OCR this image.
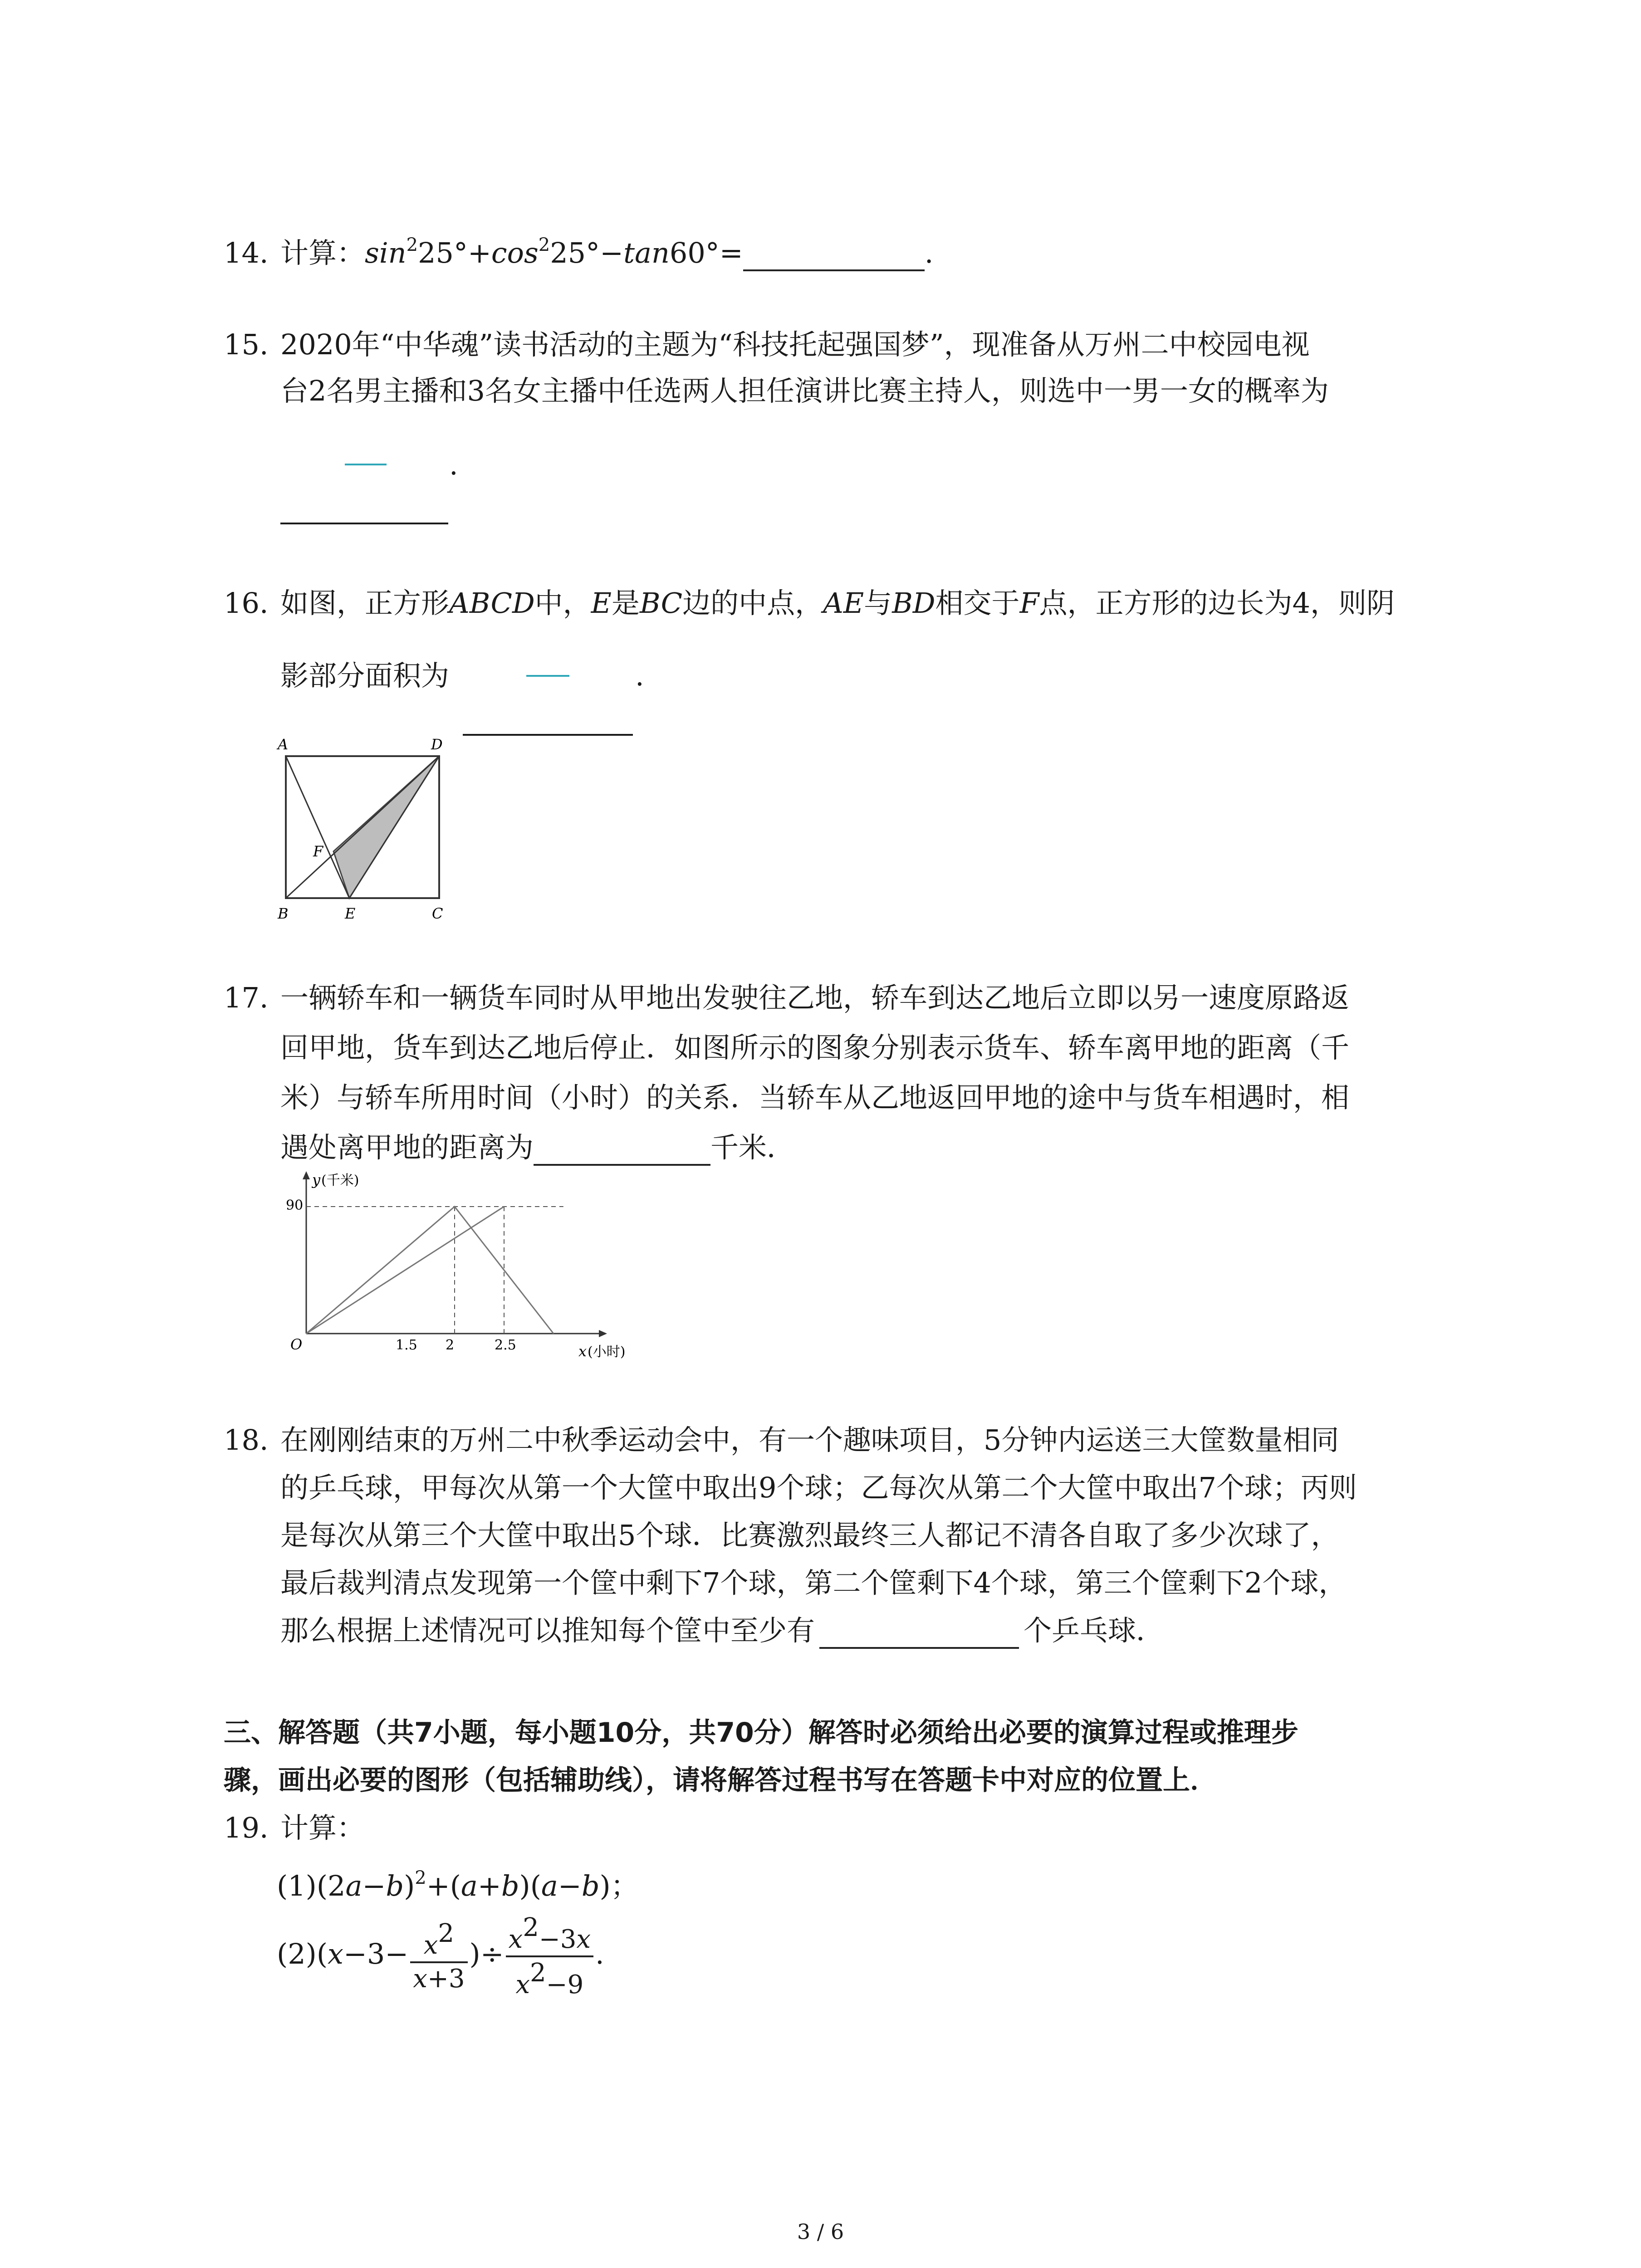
14. 计算：$\sin^225^\circ+\cos^225^\circ-\tan 60^\circ=$	.
15. 2020年“中华魂”读书活动的主题为“科技托起强国梦”，现准备从万州二中校园电视
台2名男主播和3名女主播中任选两人担任演讲比赛主持人，则选中一男一女的概率为
.
16. 如图，正方形ABCD中，E是BC边的中点，AE与BD相交于F点，正方形的边长为4，则阴
影部分面积为	.
A	D
B	E	C
F
17. 一辆轿车和一辆货车同时从甲地出发驶往乙地，轿车到达乙地后立即以另一速度原路返
回甲地，货车到达乙地后停止．如图所示的图象分别表示货车、轿车离甲地的距离（千
米）与轿车所用时间（小时）的关系．当轿车从乙地返回甲地的途中与货车相遇时，相
遇处离甲地的距离为	千米．
y (千米)
90
O	1.5 2	2.5	x (小时)
18. 在刚刚结束的万州二中秋季运动会中，有一个趣味项目，5分钟内运送三大筐数量相同
的乒乓球，甲每次从第一个大筐中取出9个球；乙每次从第二个大筐中取出7个球；丙则
是每次从第三个大筐中取出5个球．比赛激烈最终三人都记不清各自取了多少次球了，
最后裁判清点发现第一个筐中剩下7个球，第二个筐剩下4个球，第三个筐剩下2个球，
那么根据上述情况可以推知每个筐中至少有	个乒乓球．
三、解答题（共7小题，每小题10分，共70分）解答时必须给出必要的演算过程或推理步
骤，画出必要的图形（包括辅助线），请将解答过程书写在答题卡中对应的位置上．
19. 计算：
$(1)(2a-b)^2+(a+b)(a-b)$；
$(2)(x-3- \frac{x2}{x+3}$ )÷ $\frac{x2-3x}{x2-9}$ .
3 / 6
